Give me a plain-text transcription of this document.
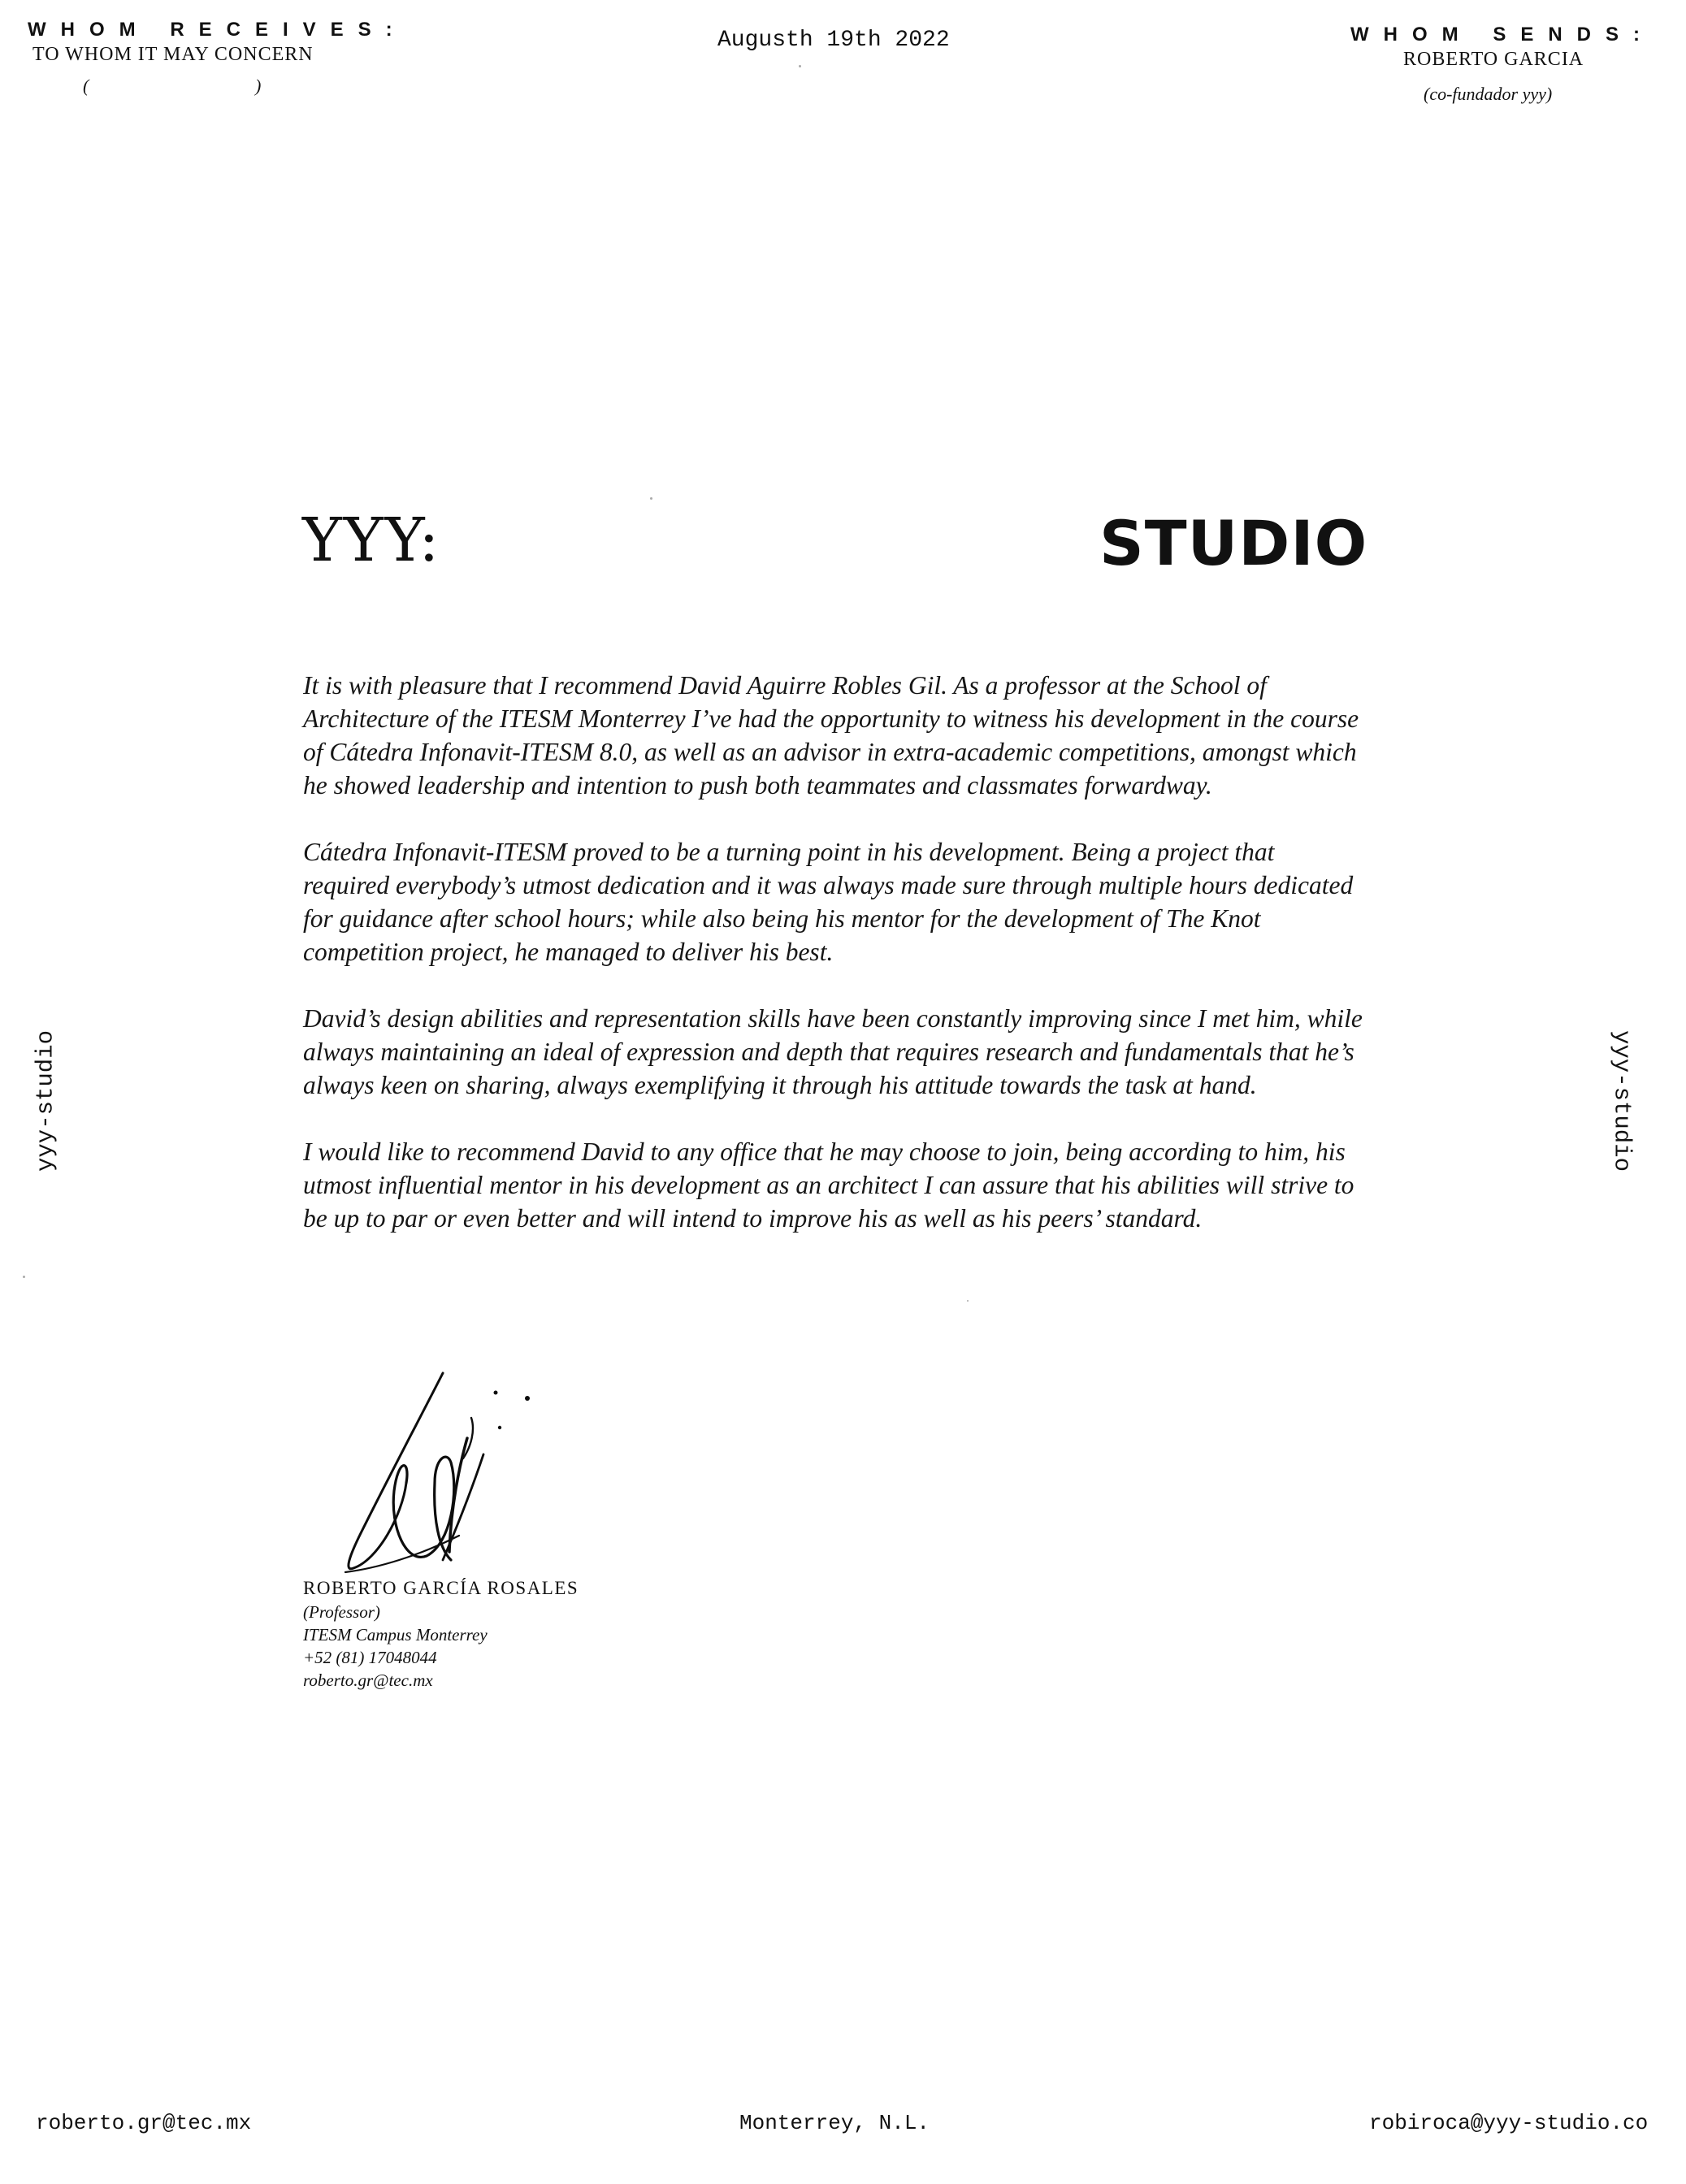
WHOM RECEIVES:
TO WHOM IT MAY CONCERN
(	)
Augusth 19th 2022	WHOM SENDS:
ROBERTO GARCIA
(co-fundador yyy)
YYY:	STUDIO

It is with pleasure that I recommend David Aguirre Robles Gil. As a professor at the School of Architecture of the ITESM Monterrey I’ve had the opportunity to witness his development in the course of Cátedra Infonavit-ITESM 8.0, as well as an advisor in extra-academic competitions, amongst which he showed leadership and intention to push both teammates and classmates forwardway.

Cátedra Infonavit-ITESM proved to be a turning point in his development. Being a project that required everybody’s utmost dedication and it was always made sure through multiple hours dedicated for guidance after school hours; while also being his mentor for the development of The Knot competition project, he managed to deliver his best.

David’s design abilities and representation skills have been constantly improving since I met him, while always maintaining an ideal of expression and depth that requires research and fundamentals that he’s always keen on sharing, always exemplifying it through his attitude towards the task at hand.

I would like to recommend David to any office that he may choose to join, being according to him, his utmost influential mentor in his development as an architect I can assure that his abilities will strive to be up to par or even better and will intend to improve his as well as his peers’ standard.

ROBERTO GARCÍA ROSALES
(Professor)
ITESM Campus Monterrey
+52 (81) 17048044
roberto.gr@tec.mx
yyy-studio	yyy-studio
roberto.gr@tec.mx	Monterrey, N.L.	robiroca@yyy-studio.co
